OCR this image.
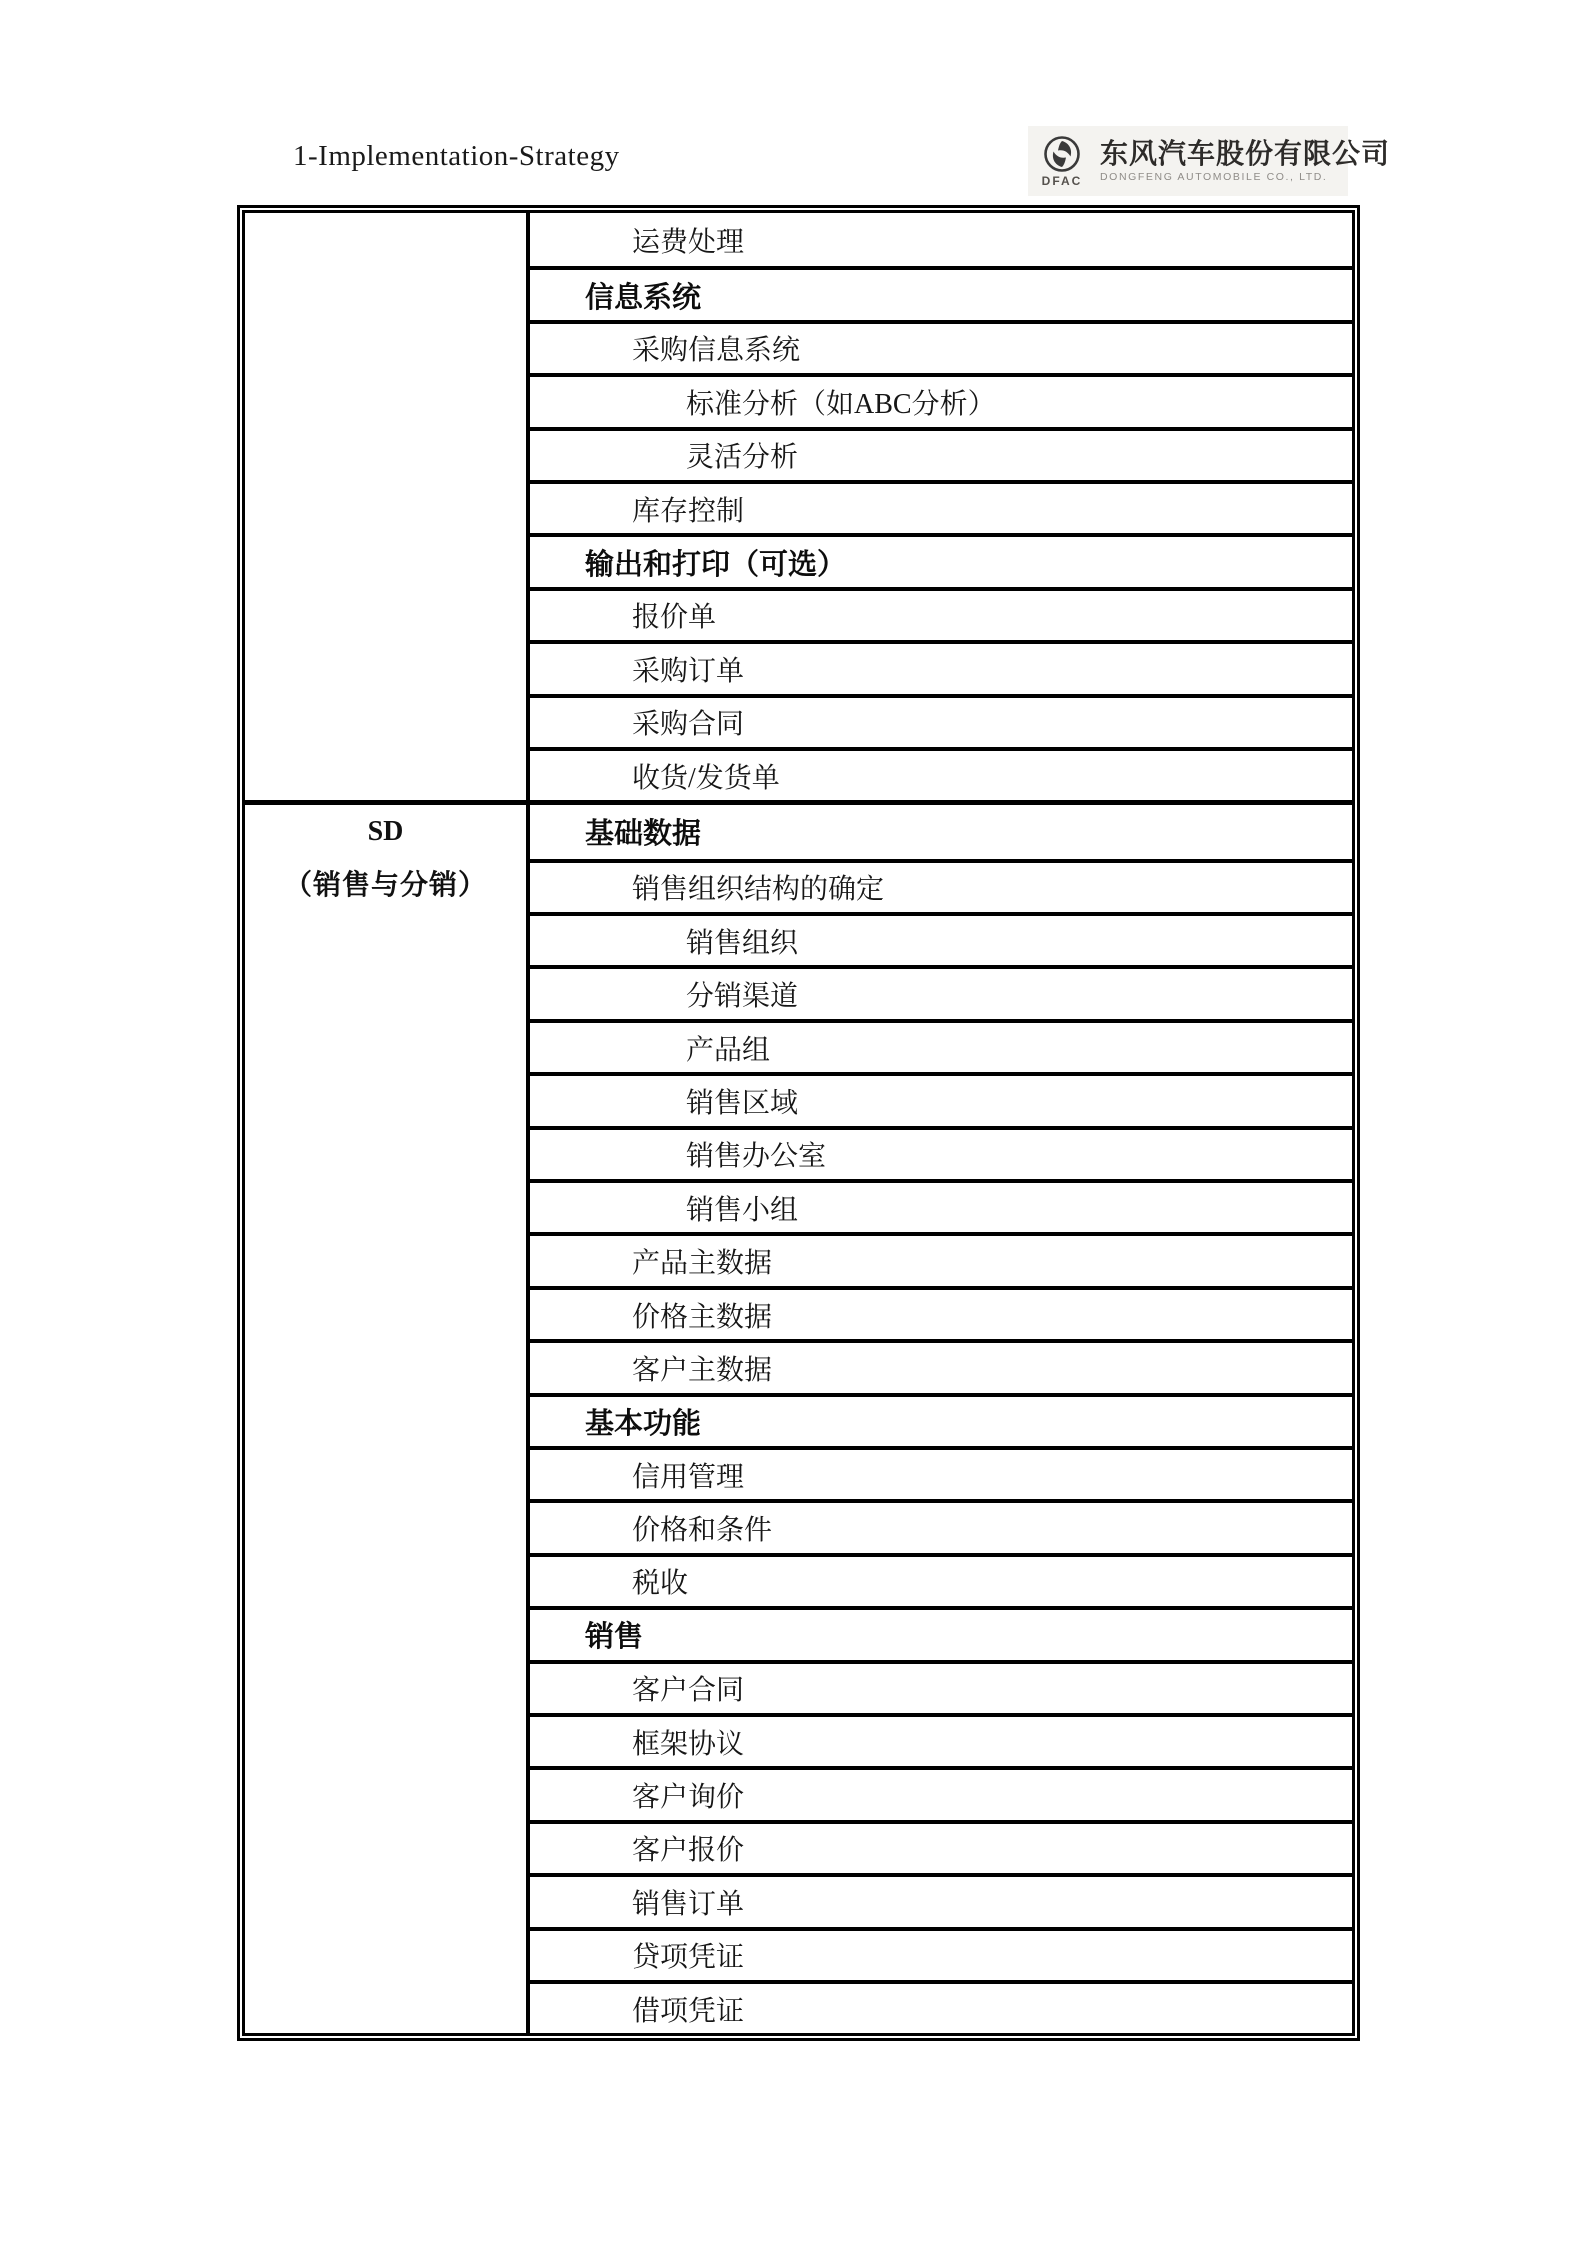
1-Implementation-Strategy
DFAC
东风汽车股份有限公司
DONGFENG AUTOMOBILE CO., LTD.
运费处理
信息系统
采购信息系统
标准分析（如ABC分析）
灵活分析
库存控制
输出和打印（可选）
报价单
采购订单
采购合同
收货/发货单
SD
（销售与分销）
基础数据
销售组织结构的确定
销售组织
分销渠道
产品组
销售区域
销售办公室
销售小组
产品主数据
价格主数据
客户主数据
基本功能
信用管理
价格和条件
税收
销售
客户合同
框架协议
客户询价
客户报价
销售订单
贷项凭证
借项凭证
